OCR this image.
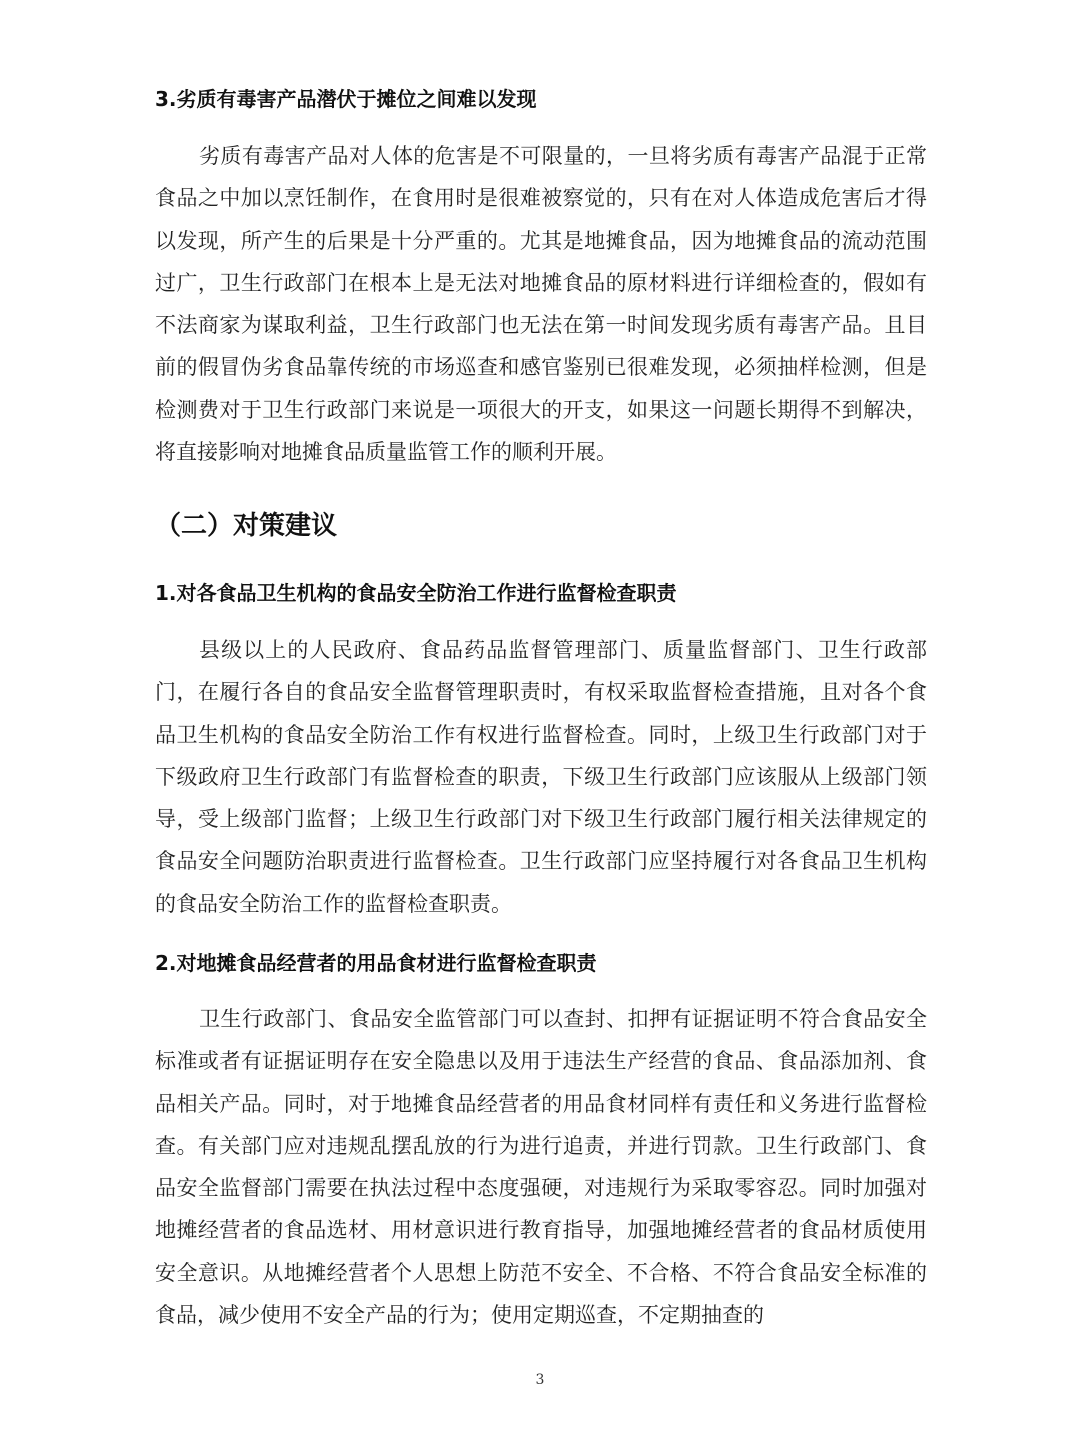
3.劣质有毒害产品潜伏于摊位之间难以发现

劣质有毒害产品对人体的危害是不可限量的，一旦将劣质有毒害产品混于正常食品之中加以烹饪制作，在食用时是很难被察觉的，只有在对人体造成危害后才得以发现，所产生的后果是十分严重的。尤其是地摊食品，因为地摊食品的流动范围过广，卫生行政部门在根本上是无法对地摊食品的原材料进行详细检查的，假如有不法商家为谋取利益，卫生行政部门也无法在第一时间发现劣质有毒害产品。且目前的假冒伪劣食品靠传统的市场巡查和感官鉴别已很难发现，必须抽样检测，但是检测费对于卫生行政部门来说是一项很大的开支，如果这一问题长期得不到解决，将直接影响对地摊食品质量监管工作的顺利开展。

（二）对策建议
1.对各食品卫生机构的食品安全防治工作进行监督检查职责

县级以上的人民政府、食品药品监督管理部门、质量监督部门、卫生行政部门，在履行各自的食品安全监督管理职责时，有权采取监督检查措施，且对各个食品卫生机构的食品安全防治工作有权进行监督检查。同时，上级卫生行政部门对于下级政府卫生行政部门有监督检查的职责，下级卫生行政部门应该服从上级部门领导，受上级部门监督；上级卫生行政部门对下级卫生行政部门履行相关法律规定的食品安全问题防治职责进行监督检查。卫生行政部门应坚持履行对各食品卫生机构的食品安全防治工作的监督检查职责。

2.对地摊食品经营者的用品食材进行监督检查职责

卫生行政部门、食品安全监管部门可以查封、扣押有证据证明不符合食品安全标准或者有证据证明存在安全隐患以及用于违法生产经营的食品、食品添加剂、食品相关产品。同时，对于地摊食品经营者的用品食材同样有责任和义务进行监督检查。有关部门应对违规乱摆乱放的行为进行追责，并进行罚款。卫生行政部门、食品安全监督部门需要在执法过程中态度强硬，对违规行为采取零容忍。同时加强对地摊经营者的食品选材、用材意识进行教育指导，加强地摊经营者的食品材质使用安全意识。从地摊经营者个人思想上防范不安全、不合格、不符合食品安全标准的食品，减少使用不安全产品的行为；使用定期巡查，不定期抽查的

3
